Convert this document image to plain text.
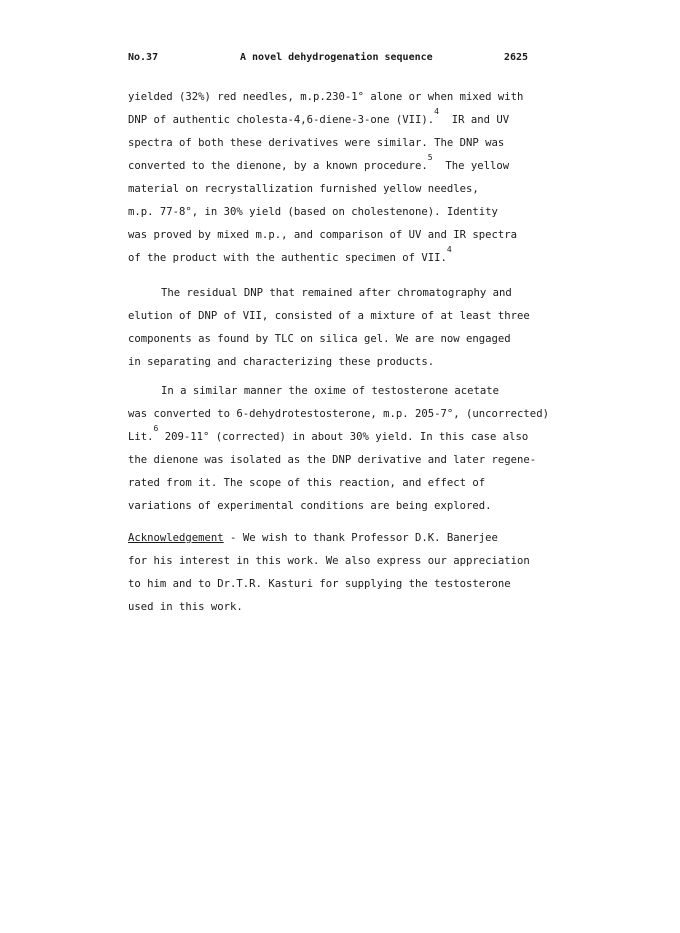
No.37	A novel dehydrogenation sequence	2625
yielded (32%) red needles, m.p.230-1° alone or when mixed with
DNP of authentic cholesta-4,6-diene-3-one (VII).$^4$  IR and UV
spectra of both these derivatives were similar. The DNP was
converted to the dienone, by a known procedure.$^5$  The yellow
material on recrystallization furnished yellow needles,
m.p. 77-8°, in 30% yield (based on cholestenone). Identity
was proved by mixed m.p., and comparison of UV and IR spectra
of the product with the authentic specimen of VII.$^4$
The residual DNP that remained after chromatography and
elution of DNP of VII, consisted of a mixture of at least three
components as found by TLC on silica gel. We are now engaged
in separating and characterizing these products.
In a similar manner the oxime of testosterone acetate
was converted to 6-dehydrotestosterone, m.p. 205-7°, (uncorrected)
Lit.$^6$ 209-11° (corrected) in about 30% yield. In this case also
the dienone was isolated as the DNP derivative and later regene-
rated from it. The scope of this reaction, and effect of
variations of experimental conditions are being explored.
Acknowledgement - We wish to thank Professor D.K. Banerjee
for his interest in this work. We also express our appreciation
to him and to Dr.T.R. Kasturi for supplying the testosterone
used in this work.
